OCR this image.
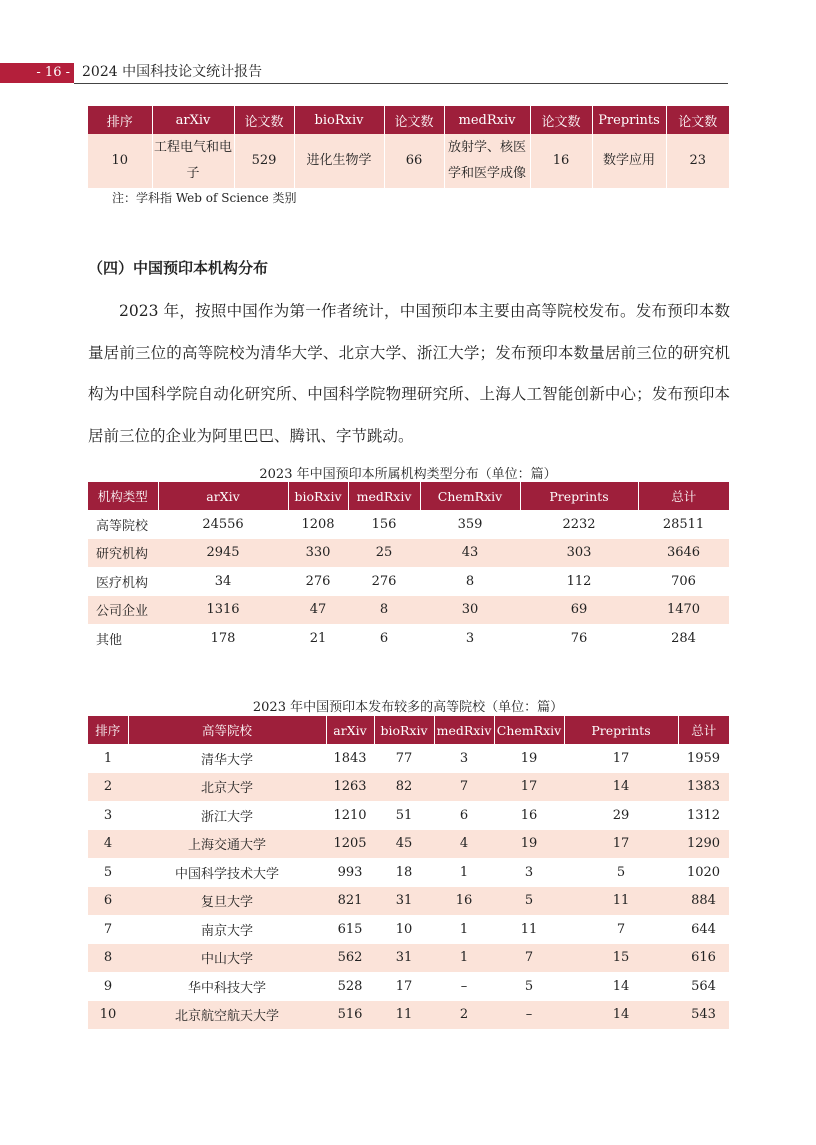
- 16 - 2024 中国科技论文统计报告
排序	arXiv	论文数	bioRxiv	论文数	medRxiv	论文数	Preprints	论文数
10	工程电气和电子	529	进化生物学	66	放射学、核医学和医学成像	16	数学应用	23
注：学科指 Web of Science 类别
（四）中国预印本机构分布
2023 年，按照中国作为第一作者统计，中国预印本主要由高等院校发布。发布预印本数量居前三位的高等院校为清华大学、北京大学、浙江大学；发布预印本数量居前三位的研究机构为中国科学院自动化研究所、中国科学院物理研究所、上海人工智能创新中心；发布预印本居前三位的企业为阿里巴巴、腾讯、字节跳动。
2023 年中国预印本所属机构类型分布（单位：篇）
机构类型	arXiv	bioRxiv	medRxiv	ChemRxiv	Preprints	总计
高等院校	24556	1208	156	359	2232	28511
研究机构	2945	330	25	43	303	3646
医疗机构	34	276	276	8	112	706
公司企业	1316	47	8	30	69	1470
其他	178	21	6	3	76	284
2023 年中国预印本发布较多的高等院校（单位：篇）
排序	高等院校	arXiv	bioRxiv	medRxiv	ChemRxiv	Preprints	总计
1	清华大学	1843	77	3	19	17	1959
2	北京大学	1263	82	7	17	14	1383
3	浙江大学	1210	51	6	16	29	1312
4	上海交通大学	1205	45	4	19	17	1290
5	中国科学技术大学	993	18	1	3	5	1020
6	复旦大学	821	31	16	5	11	884
7	南京大学	615	10	1	11	7	644
8	中山大学	562	31	1	7	15	616
9	华中科技大学	528	17	–	5	14	564
10	北京航空航天大学	516	11	2	–	14	543
